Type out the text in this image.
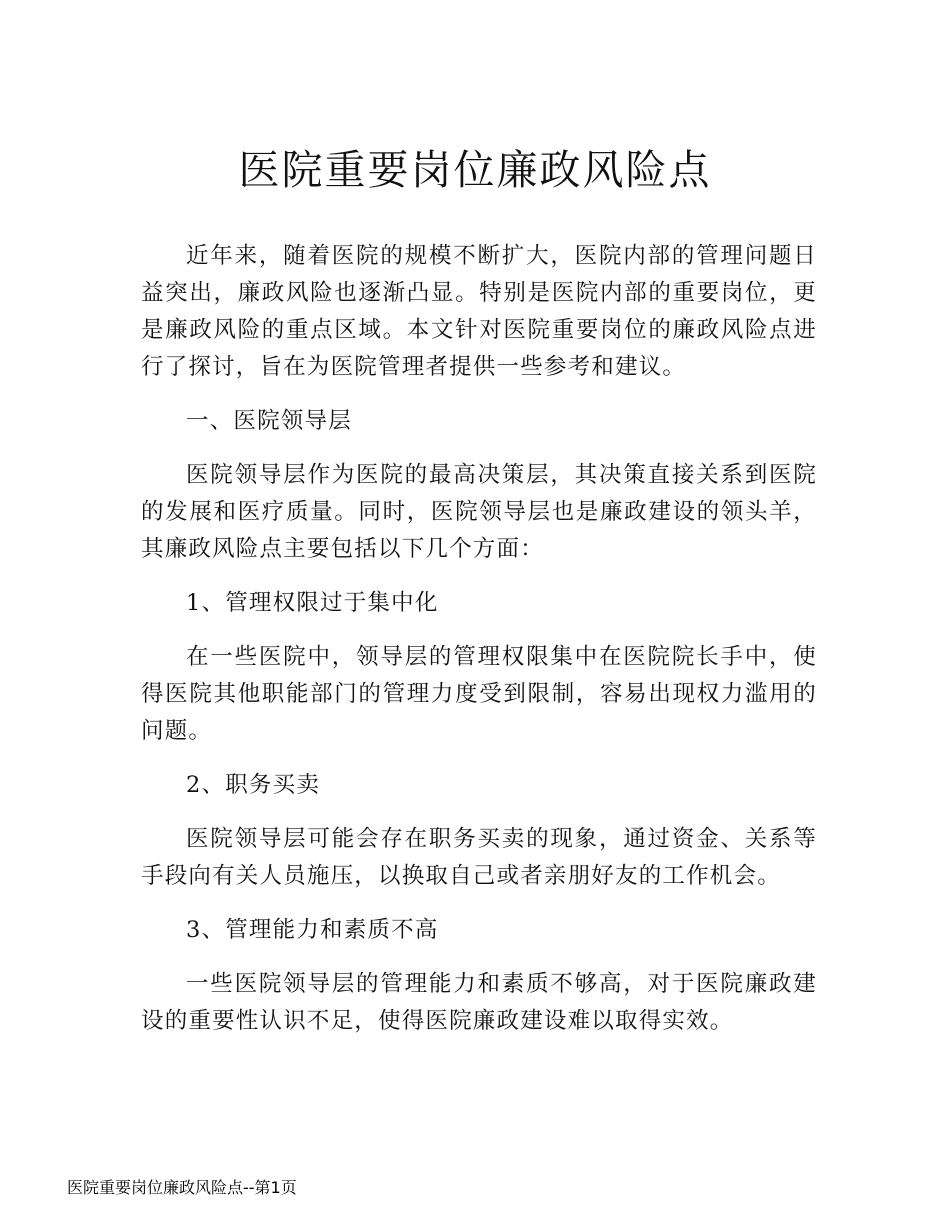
医院重要岗位廉政风险点

近年来，随着医院的规模不断扩大，医院内部的管理问题日益突出，廉政风险也逐渐凸显。特别是医院内部的重要岗位，更是廉政风险的重点区域。本文针对医院重要岗位的廉政风险点进行了探讨，旨在为医院管理者提供一些参考和建议。

一、医院领导层

医院领导层作为医院的最高决策层，其决策直接关系到医院的发展和医疗质量。同时，医院领导层也是廉政建设的领头羊，其廉政风险点主要包括以下几个方面：

1、管理权限过于集中化

在一些医院中，领导层的管理权限集中在医院院长手中，使得医院其他职能部门的管理力度受到限制，容易出现权力滥用的问题。

2、职务买卖

医院领导层可能会存在职务买卖的现象，通过资金、关系等手段向有关人员施压，以换取自己或者亲朋好友的工作机会。

3、管理能力和素质不高

一些医院领导层的管理能力和素质不够高，对于医院廉政建设的重要性认识不足，使得医院廉政建设难以取得实效。

医院重要岗位廉政风险点--第1页
